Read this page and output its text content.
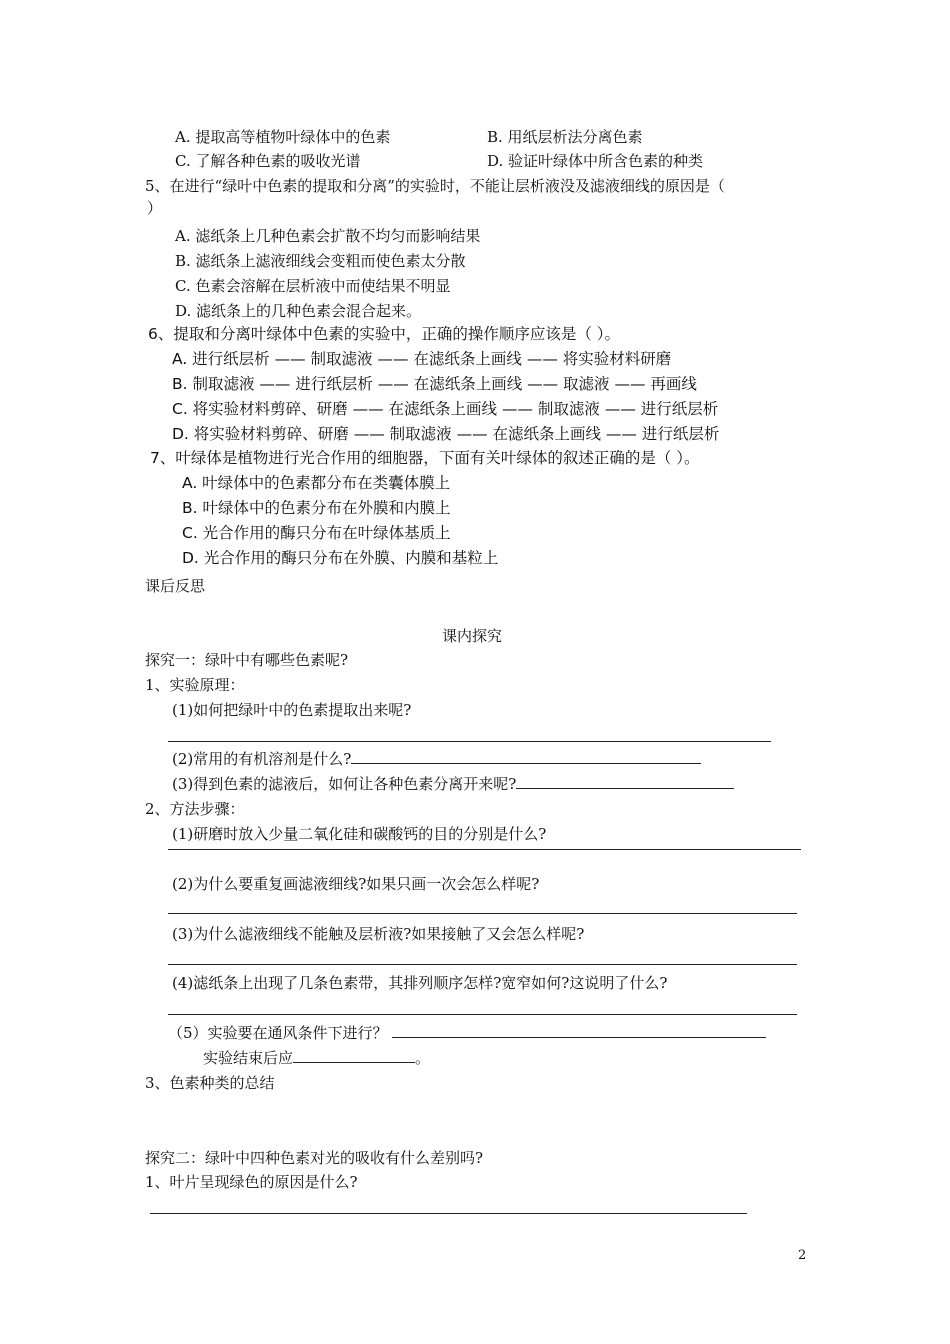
A. 提取高等植物叶绿体中的色素	B. 用纸层析法分离色素
C. 了解各种色素的吸收光谱	D. 验证叶绿体中所含色素的种类
5、在进行“绿叶中色素的提取和分离”的实验时，不能让层析液没及滤液细线的原因是（
）
A. 滤纸条上几种色素会扩散不均匀而影响结果
B. 滤纸条上滤液细线会变粗而使色素太分散
C. 色素会溶解在层析液中而使结果不明显
D. 滤纸条上的几种色素会混合起来。
6、提取和分离叶绿体中色素的实验中，正确的操作顺序应该是（ ）。
A. 进行纸层析 —— 制取滤液 —— 在滤纸条上画线 —— 将实验材料研磨
B. 制取滤液 —— 进行纸层析 —— 在滤纸条上画线 —— 取滤液 —— 再画线
C. 将实验材料剪碎、研磨 —— 在滤纸条上画线 —— 制取滤液 —— 进行纸层析
D. 将实验材料剪碎、研磨 —— 制取滤液 —— 在滤纸条上画线 —— 进行纸层析
7、叶绿体是植物进行光合作用的细胞器，下面有关叶绿体的叙述正确的是（ ）。
A. 叶绿体中的色素都分布在类囊体膜上
B. 叶绿体中的色素分布在外膜和内膜上
C. 光合作用的酶只分布在叶绿体基质上
D. 光合作用的酶只分布在外膜、内膜和基粒上
课后反思
课内探究
探究一：绿叶中有哪些色素呢?
1、实验原理：
(1)如何把绿叶中的色素提取出来呢?
(2)常用的有机溶剂是什么?
(3)得到色素的滤液后，如何让各种色素分离开来呢?
2、方法步骤：
(1)研磨时放入少量二氧化硅和碳酸钙的目的分别是什么?
(2)为什么要重复画滤液细线?如果只画一次会怎么样呢?
(3)为什么滤液细线不能触及层析液?如果接触了又会怎么样呢?
(4)滤纸条上出现了几条色素带，其排列顺序怎样?宽窄如何?这说明了什么?
（5）实验要在通风条件下进行？
实验结束后应	。
3、色素种类的总结
探究二：绿叶中四种色素对光的吸收有什么差别吗?
1、叶片呈现绿色的原因是什么?
2
